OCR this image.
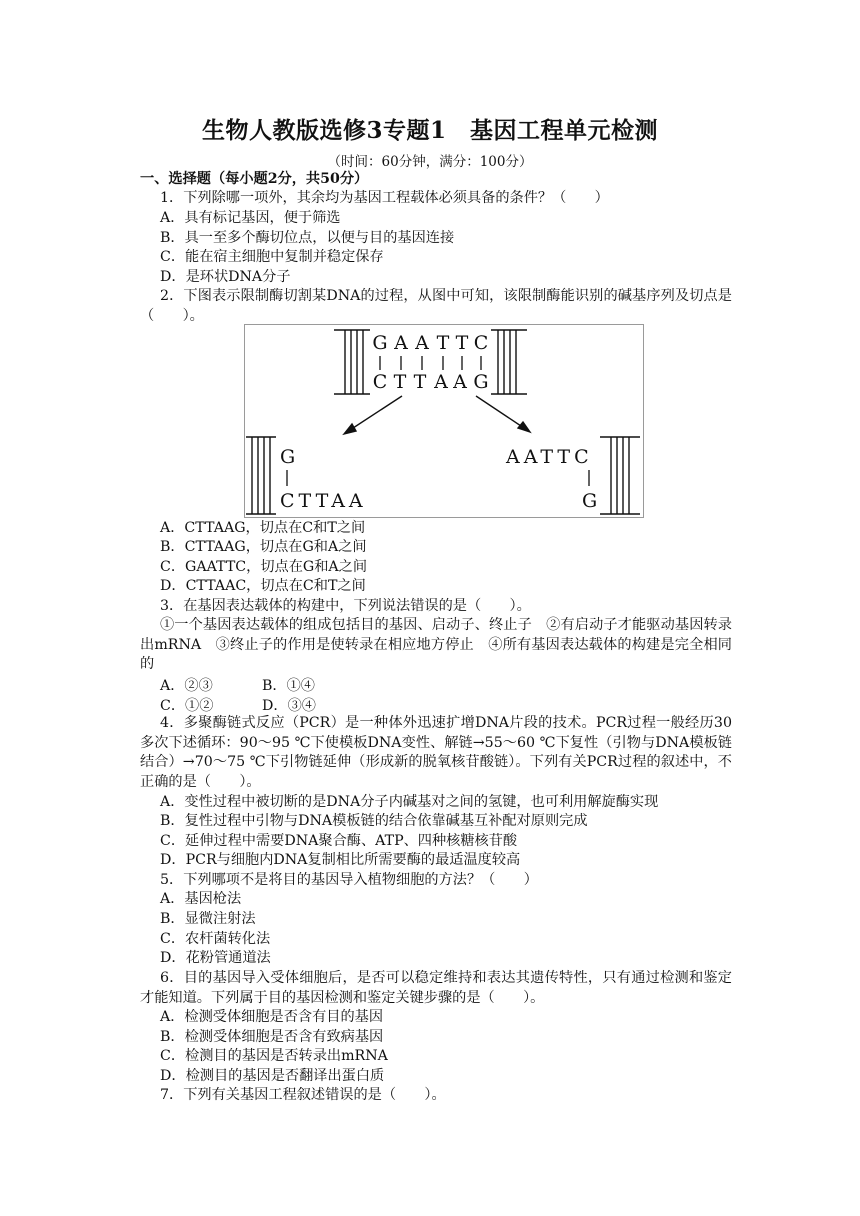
生物人教版选修3专题1　基因工程单元检测
（时间：60分钟，满分：100分）
一、选择题（每小题2分，共50分）
1．下列除哪一项外，其余均为基因工程载体必须具备的条件？（　　）
A．具有标记基因，便于筛选
B．具一至多个酶切位点，以便与目的基因连接
C．能在宿主细胞中复制并稳定保存
D．是环状DNA分子
2．下图表示限制酶切割某DNA的过程，从图中可知，该限制酶能识别的碱基序列及切点是（　　）。
G A A T T C
C T T A A G
G
CTTAA
AATTC
G
A．CTTAAG，切点在C和T之间
B．CTTAAG，切点在G和A之间
C．GAATTC，切点在G和A之间
D．CTTAAC，切点在C和T之间
3．在基因表达载体的构建中，下列说法错误的是（　　）。
①一个基因表达载体的组成包括目的基因、启动子、终止子　②有启动子才能驱动基因转录出mRNA　③终止子的作用是使转录在相应地方停止　④所有基因表达载体的构建是完全相同的
A．②③	B．①④
C．①②	D．③④
4．多聚酶链式反应（PCR）是一种体外迅速扩增DNA片段的技术。PCR过程一般经历30多次下述循环：90～95 ℃下使模板DNA变性、解链→55～60 ℃下复性（引物与DNA模板链结合）→70～75 ℃下引物链延伸（形成新的脱氧核苷酸链）。下列有关PCR过程的叙述中，不正确的是（　　）。
A．变性过程中被切断的是DNA分子内碱基对之间的氢键，也可利用解旋酶实现
B．复性过程中引物与DNA模板链的结合依靠碱基互补配对原则完成
C．延伸过程中需要DNA聚合酶、ATP、四种核糖核苷酸
D．PCR与细胞内DNA复制相比所需要酶的最适温度较高
5．下列哪项不是将目的基因导入植物细胞的方法？（　　）
A．基因枪法
B．显微注射法
C．农杆菌转化法
D．花粉管通道法
6．目的基因导入受体细胞后，是否可以稳定维持和表达其遗传特性，只有通过检测和鉴定才能知道。下列属于目的基因检测和鉴定关键步骤的是（　　）。
A．检测受体细胞是否含有目的基因
B．检测受体细胞是否含有致病基因
C．检测目的基因是否转录出mRNA
D．检测目的基因是否翻译出蛋白质
7．下列有关基因工程叙述错误的是（　　）。
